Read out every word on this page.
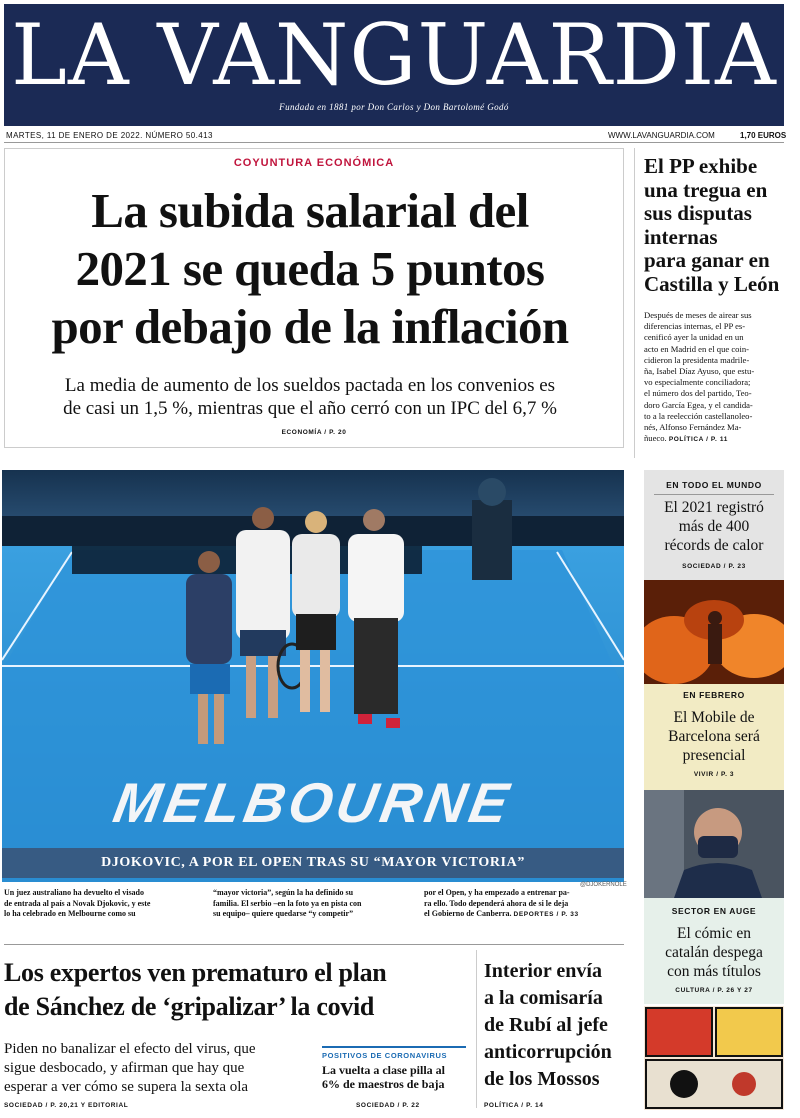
LA VANGUARDIA
Fundada en 1881 por Don Carlos y Don Bartolomé Godó
MARTES, 11 DE ENERO DE 2022. NÚMERO 50.413	WWW.LAVANGUARDIA.COM	1,70 EUROS
COYUNTURA ECONÓMICA
La subida salarial del
2021 se queda 5 puntos
por debajo de la inflación
La media de aumento de los sueldos pactada en los convenios es
de casi un 1,5 %, mientras que el año cerró con un IPC del 6,7 %
ECONOMÍA / P. 20
El PP exhibe
una tregua en
sus disputas
internas
para ganar en
Castilla y León
Después de meses de airear sus
diferencias internas, el PP es-
cenificó ayer la unidad en un
acto en Madrid en el que coin-
cidieron la presidenta madrile-
ña, Isabel Díaz Ayuso, que estu-
vo especialmente conciliadora;
el número dos del partido, Teo-
doro García Egea, y el candida-
to a la reelección castellanoleo-
nés, Alfonso Fernández Ma-
ñueco. POLÍTICA / P. 11
MELBOURNE
DJOKOVIC, A POR EL OPEN TRAS SU “MAYOR VICTORIA”
@DJOKERNOLE
Un juez australiano ha devuelto el visado
de entrada al país a Novak Djokovic, y este
lo ha celebrado en Melbourne como su
“mayor victoria”, según la ha definido su
familia. El serbio –en la foto ya en pista con
su equipo– quiere quedarse “y competir”
por el Open, y ha empezado a entrenar pa-
ra ello. Todo dependerá ahora de si le deja
el Gobierno de Canberra. DEPORTES / P. 33
EN TODO EL MUNDO
El 2021 registró
más de 400
récords de calor
SOCIEDAD / P. 23
EN FEBRERO
El Mobile de
Barcelona será
presencial
VIVIR / P. 3
SECTOR EN AUGE
El cómic en
catalán despega
con más títulos
CULTURA / P. 26 Y 27
Los expertos ven prematuro el plan
de Sánchez de ‘gripalizar’ la covid
Piden no banalizar el efecto del virus, que
sigue desbocado, y afirman que hay que
esperar a ver cómo se supera la sexta ola
SOCIEDAD / P. 20,21 Y EDITORIAL
POSITIVOS DE CORONAVIRUS
La vuelta a clase pilla al
6% de maestros de baja
SOCIEDAD / P. 22
Interior envía
a la comisaría
de Rubí al jefe
anticorrupción
de los Mossos
POLÍTICA / P. 14
